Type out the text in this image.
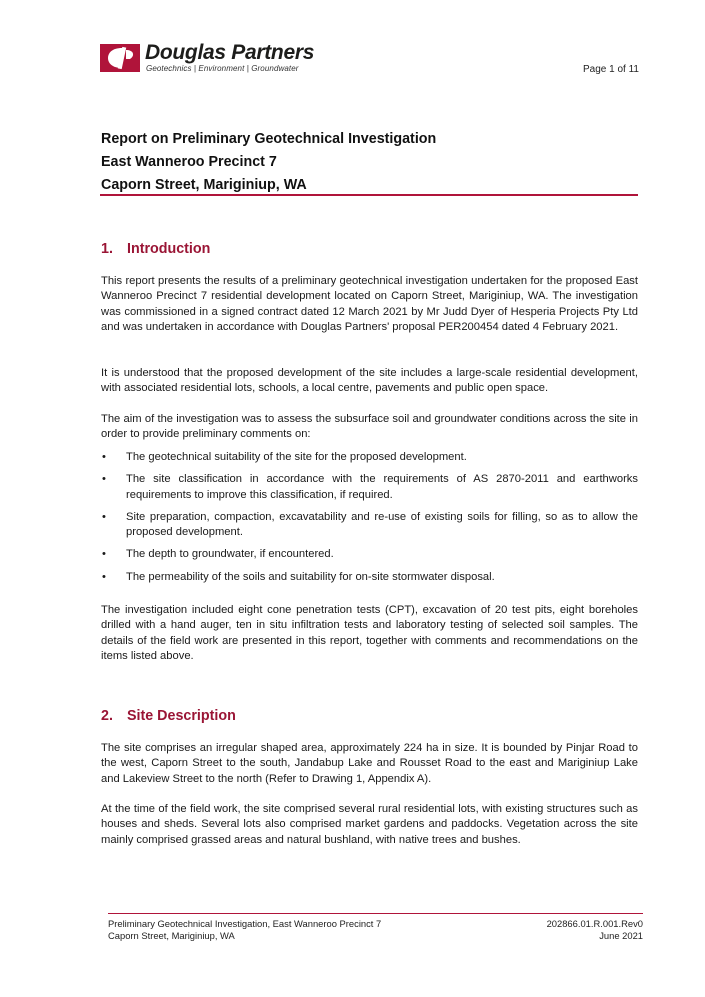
Douglas Partners
Geotechnics | Environment | Groundwater	Page 1 of 11
Report on Preliminary Geotechnical Investigation
East Wanneroo Precinct 7
Caporn Street, Mariginiup, WA
1. Introduction

This report presents the results of a preliminary geotechnical investigation undertaken for the proposed East Wanneroo Precinct 7 residential development located on Caporn Street, Mariginiup, WA. The investigation was commissioned in a signed contract dated 12 March 2021 by Mr Judd Dyer of Hesperia Projects Pty Ltd and was undertaken in accordance with Douglas Partners' proposal PER200454 dated 4 February 2021.

It is understood that the proposed development of the site includes a large-scale residential development, with associated residential lots, schools, a local centre, pavements and public open space.

The aim of the investigation was to assess the subsurface soil and groundwater conditions across the site in order to provide preliminary comments on:

• The geotechnical suitability of the site for the proposed development.
• The site classification in accordance with the requirements of AS 2870-2011 and earthworks requirements to improve this classification, if required.
• Site preparation, compaction, excavatability and re-use of existing soils for filling, so as to allow the proposed development.
• The depth to groundwater, if encountered.
• The permeability of the soils and suitability for on-site stormwater disposal.

The investigation included eight cone penetration tests (CPT), excavation of 20 test pits, eight boreholes drilled with a hand auger, ten in situ infiltration tests and laboratory testing of selected soil samples. The details of the field work are presented in this report, together with comments and recommendations on the items listed above.

2. Site Description

The site comprises an irregular shaped area, approximately 224 ha in size. It is bounded by Pinjar Road to the west, Caporn Street to the south, Jandabup Lake and Rousset Road to the east and Mariginiup Lake and Lakeview Street to the north (Refer to Drawing 1, Appendix A).

At the time of the field work, the site comprised several rural residential lots, with existing structures such as houses and sheds. Several lots also comprised market gardens and paddocks. Vegetation across the site mainly comprised grassed areas and natural bushland, with native trees and bushes.

Preliminary Geotechnical Investigation, East Wanneroo Precinct 7
Caporn Street, Mariginiup, WA
202866.01.R.001.Rev0
June 2021
